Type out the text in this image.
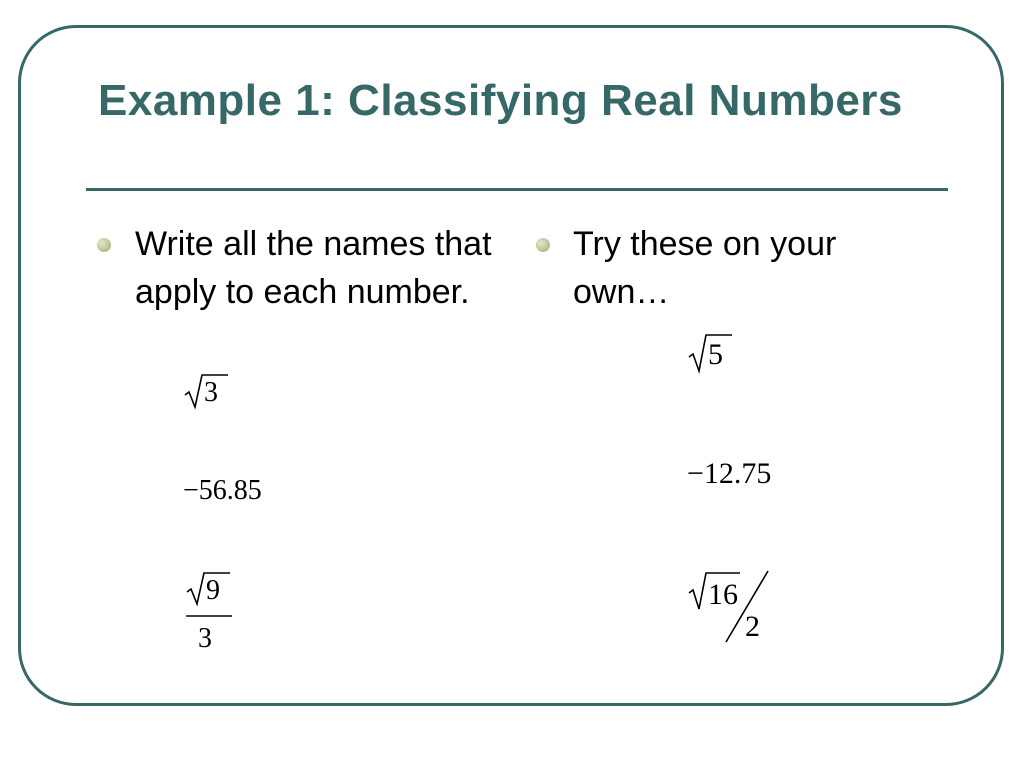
Example 1: Classifying Real Numbers
Write all the names that apply to each number.
3
−56.85
9
3
Try these on your own…
5
−12.75
16
2
